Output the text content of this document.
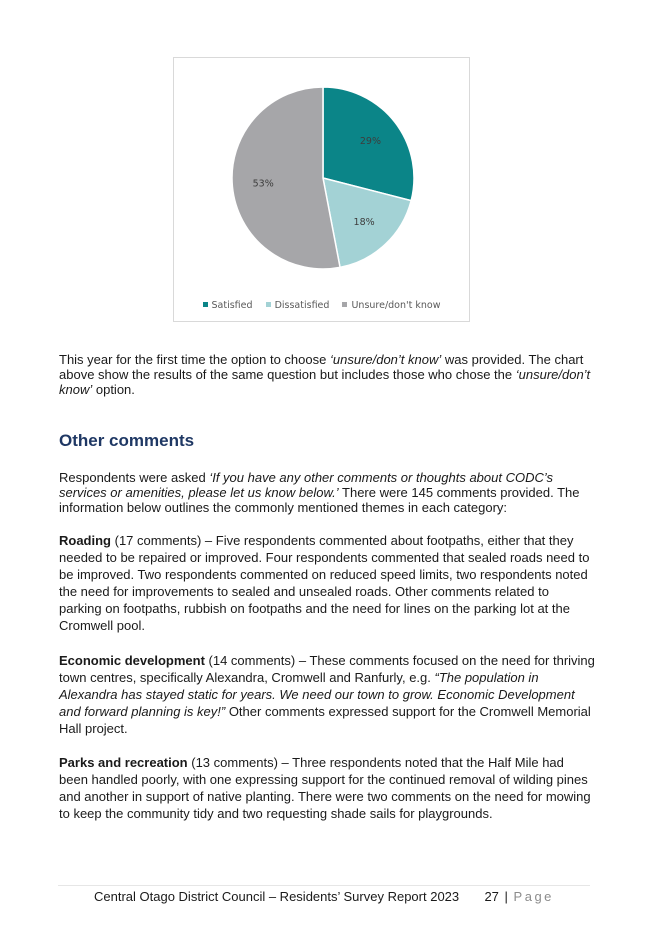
29%
18%
53%
Satisfied Dissatisfied Unsure/don't know

This year for the first time the option to choose ‘unsure/don’t know’ was provided. The chart above show the results of the same question but includes those who chose the ‘unsure/don’t know’ option.

Other comments

Respondents were asked ‘If you have any other comments or thoughts about CODC’s services or amenities, please let us know below.’ There were 145 comments provided. The information below outlines the commonly mentioned themes in each category:

Roading (17 comments) – Five respondents commented about footpaths, either that they needed to be repaired or improved. Four respondents commented that sealed roads need to be improved. Two respondents commented on reduced speed limits, two respondents noted the need for improvements to sealed and unsealed roads. Other comments related to parking on footpaths, rubbish on footpaths and the need for lines on the parking lot at the Cromwell pool.

Economic development (14 comments) – These comments focused on the need for thriving town centres, specifically Alexandra, Cromwell and Ranfurly, e.g. “The population in Alexandra has stayed static for years. We need our town to grow. Economic Development and forward planning is key!” Other comments expressed support for the Cromwell Memorial Hall project.

Parks and recreation (13 comments) – Three respondents noted that the Half Mile had been handled poorly, with one expressing support for the continued removal of wilding pines and another in support of native planting. There were two comments on the need for mowing to keep the community tidy and two requesting shade sails for playgrounds.

Central Otago District Council – Residents’ Survey Report 2023 27 | Page
